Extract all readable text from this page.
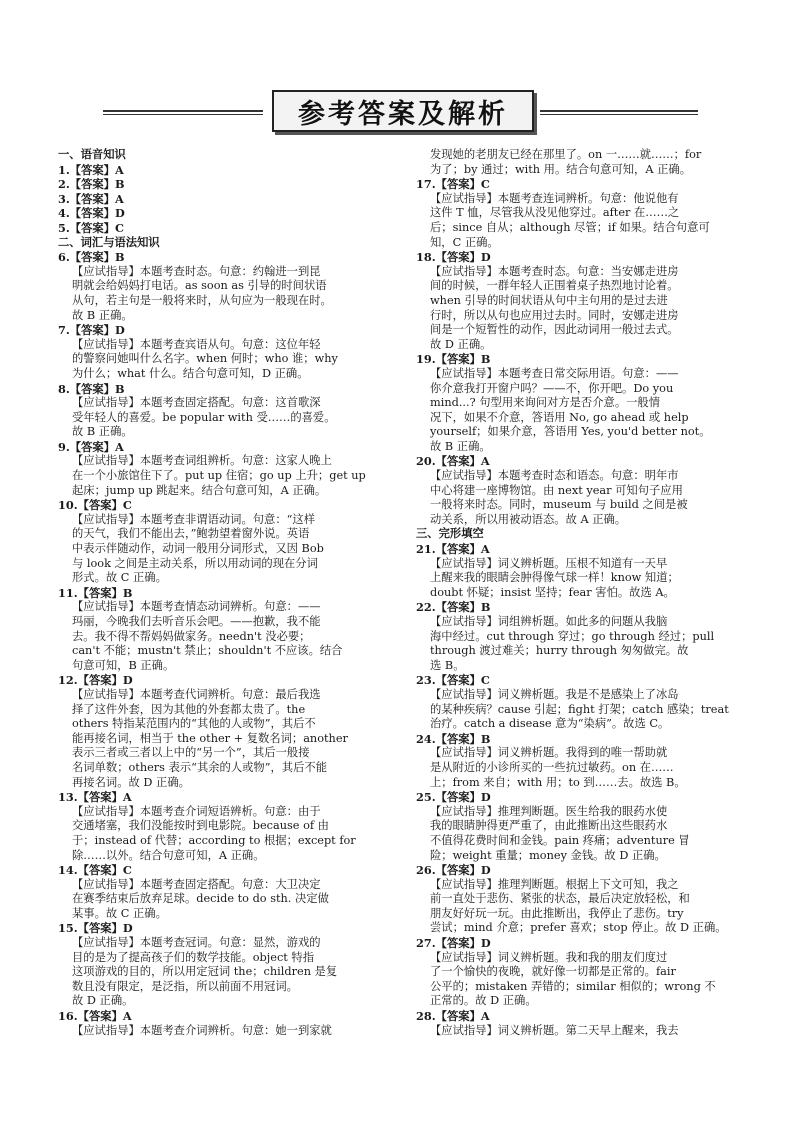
参考答案及解析
一、语音知识
1.【答案】A
2.【答案】B
3.【答案】A
4.【答案】D
5.【答案】C
二、词汇与语法知识
6.【答案】B
【应试指导】本题考查时态。句意：约翰进一到昆
明就会给妈妈打电话。as soon as 引导的时间状语
从句，若主句是一般将来时，从句应为一般现在时。
故 B 正确。
7.【答案】D
【应试指导】本题考查宾语从句。句意：这位年轻
的警察问她叫什么名字。when 何时；who 谁；why
为什么；what 什么。结合句意可知，D 正确。
8.【答案】B
【应试指导】本题考查固定搭配。句意：这首歌深
受年轻人的喜爱。be popular with 受……的喜爱。
故 B 正确。
9.【答案】A
【应试指导】本题考查词组辨析。句意：这家人晚上
在一个小旅馆住下了。put up 住宿；go up 上升；get up
起床；jump up 跳起来。结合句意可知，A 正确。
10.【答案】C
【应试指导】本题考查非谓语动词。句意：“这样
的天气，我们不能出去，”鲍勃望着窗外说。英语
中表示伴随动作，动词一般用分词形式，又因 Bob
与 look 之间是主动关系，所以用动词的现在分词
形式。故 C 正确。
11.【答案】B
【应试指导】本题考查情态动词辨析。句意：——
玛丽，今晚我们去听音乐会吧。——抱歉，我不能
去。我不得不帮妈妈做家务。needn't 没必要；
can't 不能；mustn't 禁止；shouldn't 不应该。结合
句意可知，B 正确。
12.【答案】D
【应试指导】本题考查代词辨析。句意：最后我选
择了这件外套，因为其他的外套都太贵了。the
others 特指某范围内的“其他的人或物”，其后不
能再接名词，相当于 the other + 复数名词；another
表示三者或三者以上中的“另一个”，其后一般接
名词单数；others 表示“其余的人或物”，其后不能
再接名词。故 D 正确。
13.【答案】A
【应试指导】本题考查介词短语辨析。句意：由于
交通堵塞，我们没能按时到电影院。because of 由
于；instead of 代替；according to 根据；except for
除……以外。结合句意可知，A 正确。
14.【答案】C
【应试指导】本题考查固定搭配。句意：大卫决定
在赛季结束后放弃足球。decide to do sth. 决定做
某事。故 C 正确。
15.【答案】D
【应试指导】本题考查冠词。句意：显然，游戏的
目的是为了提高孩子们的数学技能。object 特指
这项游戏的目的，所以用定冠词 the；children 是复
数且没有限定，是泛指，所以前面不用冠词。
故 D 正确。
16.【答案】A
【应试指导】本题考查介词辨析。句意：她一到家就
发现她的老朋友已经在那里了。on 一……就……；for
为了；by 通过；with 用。结合句意可知，A 正确。
17.【答案】C
【应试指导】本题考查连词辨析。句意：他说他有
这件 T 恤，尽管我从没见他穿过。after 在……之
后；since 自从；although 尽管；if 如果。结合句意可
知，C 正确。
18.【答案】D
【应试指导】本题考查时态。句意：当安娜走进房
间的时候，一群年轻人正围着桌子热烈地讨论着。
when 引导的时间状语从句中主句用的是过去进
行时，所以从句也应用过去时。同时，安娜走进房
间是一个短暂性的动作，因此动词用一般过去式。
故 D 正确。
19.【答案】B
【应试指导】本题考查日常交际用语。句意：——
你介意我打开窗户吗？——不，你开吧。Do you
mind...? 句型用来询问对方是否介意。一般情
况下，如果不介意，答语用 No, go ahead 或 help
yourself；如果介意，答语用 Yes, you'd better not。
故 B 正确。
20.【答案】A
【应试指导】本题考查时态和语态。句意：明年市
中心将建一座博物馆。由 next year 可知句子应用
一般将来时态。同时，museum 与 build 之间是被
动关系，所以用被动语态。故 A 正确。
三、完形填空
21.【答案】A
【应试指导】词义辨析题。压根不知道有一天早
上醒来我的眼睛会肿得像气球一样！know 知道；
doubt 怀疑；insist 坚持；fear 害怕。故选 A。
22.【答案】B
【应试指导】词组辨析题。如此多的问题从我脑
海中经过。cut through 穿过；go through 经过；pull
through 渡过难关；hurry through 匆匆做完。故
选 B。
23.【答案】C
【应试指导】词义辨析题。我是不是感染上了冰岛
的某种疾病？cause 引起；fight 打架；catch 感染；treat
治疗。catch a disease 意为“染病”。故选 C。
24.【答案】B
【应试指导】词义辨析题。我得到的唯一帮助就
是从附近的小诊所买的一些抗过敏药。on 在……
上；from 来自；with 用；to 到……去。故选 B。
25.【答案】D
【应试指导】推理判断题。医生给我的眼药水使
我的眼睛肿得更严重了，由此推断出这些眼药水
不值得花费时间和金钱。pain 疼痛；adventure 冒
险；weight 重量；money 金钱。故 D 正确。
26.【答案】D
【应试指导】推理判断题。根据上下文可知，我之
前一直处于悲伤、紧张的状态，最后决定放轻松，和
朋友好好玩一玩。由此推断出，我停止了悲伤。try
尝试；mind 介意；prefer 喜欢；stop 停止。故 D 正确。
27.【答案】D
【应试指导】词义辨析题。我和我的朋友们度过
了一个愉快的夜晚，就好像一切都是正常的。fair
公平的；mistaken 弄错的；similar 相似的；wrong 不
正常的。故 D 正确。
28.【答案】A
【应试指导】词义辨析题。第二天早上醒来，我去
